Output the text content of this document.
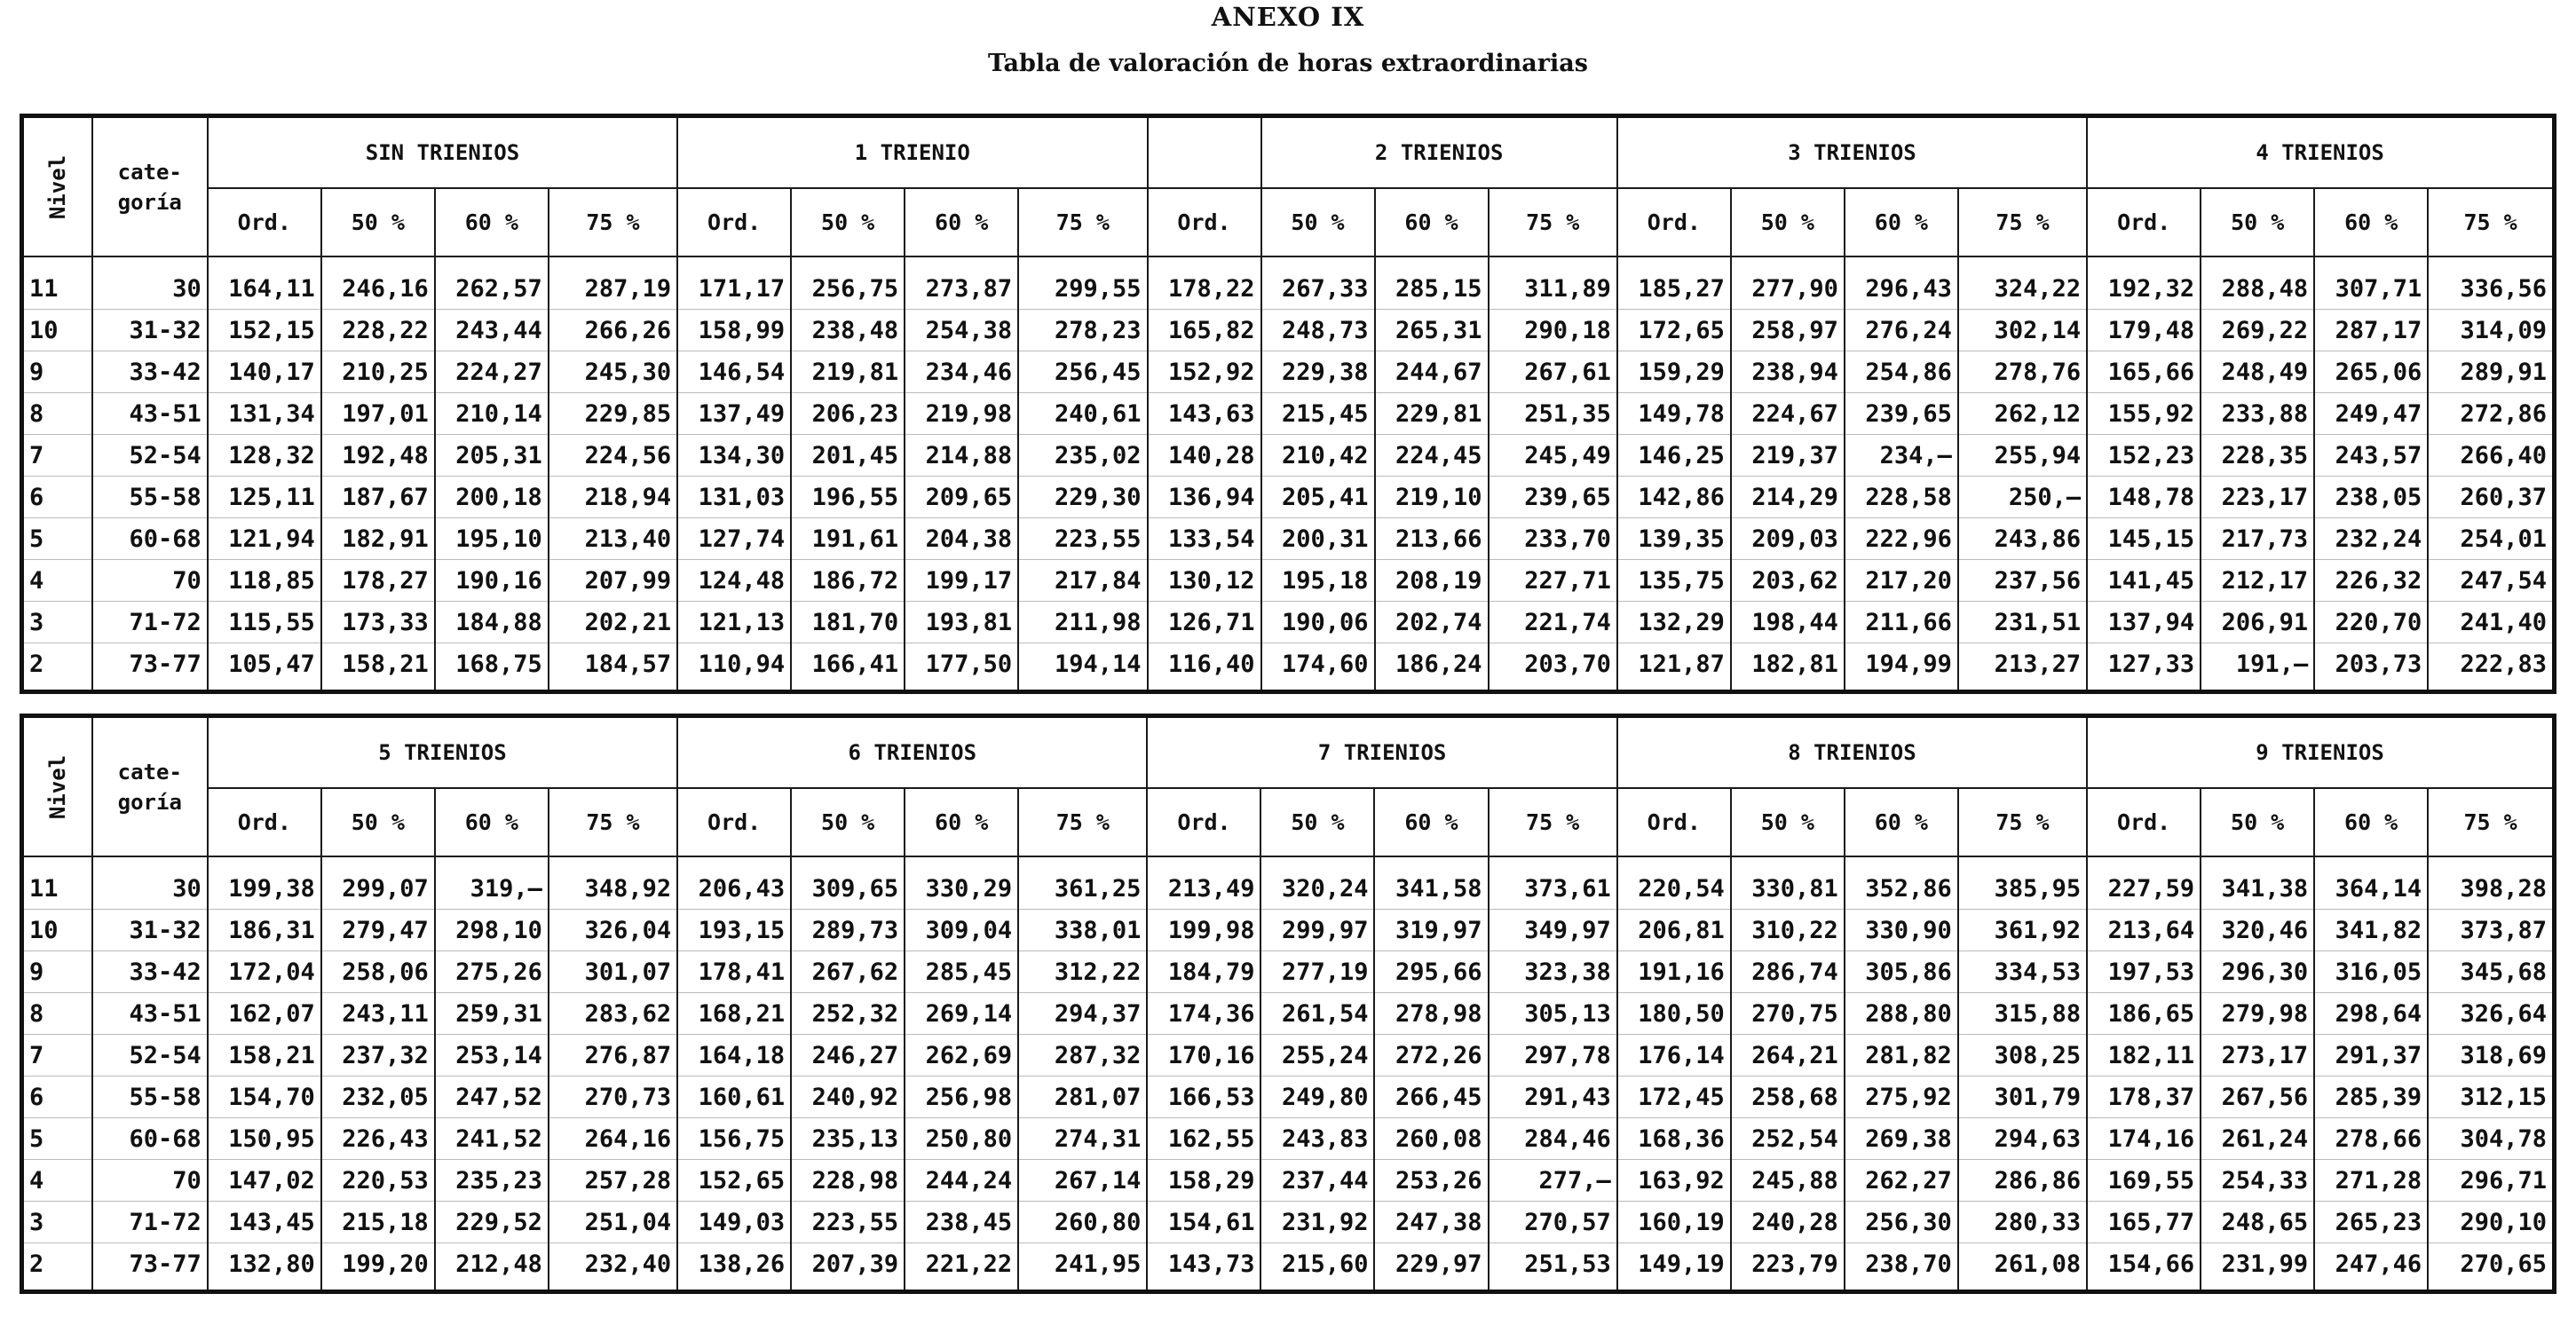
ANEXO IX
Tabla de valoración de horas extraordinarias
Nivel	cate- goría	SIN TRIENIOS				1 TRIENIO					2 TRIENIOS			3 TRIENIOS				4 TRIENIOS			
		Ord.	50 %	60 %	75 %	Ord.	50 %	60 %	75 %	Ord.	50 %	60 %	75 %	Ord.	50 %	60 %	75 %	Ord.	50 %	60 %	75 %
11	30	164,11	246,16	262,57	287,19	171,17	256,75	273,87	299,55	178,22	267,33	285,15	311,89	185,27	277,90	296,43	324,22	192,32	288,48	307,71	336,56
10	31-32	152,15	228,22	243,44	266,26	158,99	238,48	254,38	278,23	165,82	248,73	265,31	290,18	172,65	258,97	276,24	302,14	179,48	269,22	287,17	314,09
9	33-42	140,17	210,25	224,27	245,30	146,54	219,81	234,46	256,45	152,92	229,38	244,67	267,61	159,29	238,94	254,86	278,76	165,66	248,49	265,06	289,91
8	43-51	131,34	197,01	210,14	229,85	137,49	206,23	219,98	240,61	143,63	215,45	229,81	251,35	149,78	224,67	239,65	262,12	155,92	233,88	249,47	272,86
7	52-54	128,32	192,48	205,31	224,56	134,30	201,45	214,88	235,02	140,28	210,42	224,45	245,49	146,25	219,37	234,–	255,94	152,23	228,35	243,57	266,40
6	55-58	125,11	187,67	200,18	218,94	131,03	196,55	209,65	229,30	136,94	205,41	219,10	239,65	142,86	214,29	228,58	250,–	148,78	223,17	238,05	260,37
5	60-68	121,94	182,91	195,10	213,40	127,74	191,61	204,38	223,55	133,54	200,31	213,66	233,70	139,35	209,03	222,96	243,86	145,15	217,73	232,24	254,01
4	70	118,85	178,27	190,16	207,99	124,48	186,72	199,17	217,84	130,12	195,18	208,19	227,71	135,75	203,62	217,20	237,56	141,45	212,17	226,32	247,54
3	71-72	115,55	173,33	184,88	202,21	121,13	181,70	193,81	211,98	126,71	190,06	202,74	221,74	132,29	198,44	211,66	231,51	137,94	206,91	220,70	241,40
2	73-77	105,47	158,21	168,75	184,57	110,94	166,41	177,50	194,14	116,40	174,60	186,24	203,70	121,87	182,81	194,99	213,27	127,33	191,–	203,73	222,83
Nivel	cate- goría	5 TRIENIOS				6 TRIENIOS				7 TRIENIOS				8 TRIENIOS				9 TRIENIOS			
		Ord.	50 %	60 %	75 %	Ord.	50 %	60 %	75 %	Ord.	50 %	60 %	75 %	Ord.	50 %	60 %	75 %	Ord.	50 %	60 %	75 %
11	30	199,38	299,07	319,–	348,92	206,43	309,65	330,29	361,25	213,49	320,24	341,58	373,61	220,54	330,81	352,86	385,95	227,59	341,38	364,14	398,28
10	31-32	186,31	279,47	298,10	326,04	193,15	289,73	309,04	338,01	199,98	299,97	319,97	349,97	206,81	310,22	330,90	361,92	213,64	320,46	341,82	373,87
9	33-42	172,04	258,06	275,26	301,07	178,41	267,62	285,45	312,22	184,79	277,19	295,66	323,38	191,16	286,74	305,86	334,53	197,53	296,30	316,05	345,68
8	43-51	162,07	243,11	259,31	283,62	168,21	252,32	269,14	294,37	174,36	261,54	278,98	305,13	180,50	270,75	288,80	315,88	186,65	279,98	298,64	326,64
7	52-54	158,21	237,32	253,14	276,87	164,18	246,27	262,69	287,32	170,16	255,24	272,26	297,78	176,14	264,21	281,82	308,25	182,11	273,17	291,37	318,69
6	55-58	154,70	232,05	247,52	270,73	160,61	240,92	256,98	281,07	166,53	249,80	266,45	291,43	172,45	258,68	275,92	301,79	178,37	267,56	285,39	312,15
5	60-68	150,95	226,43	241,52	264,16	156,75	235,13	250,80	274,31	162,55	243,83	260,08	284,46	168,36	252,54	269,38	294,63	174,16	261,24	278,66	304,78
4	70	147,02	220,53	235,23	257,28	152,65	228,98	244,24	267,14	158,29	237,44	253,26	277,–	163,92	245,88	262,27	286,86	169,55	254,33	271,28	296,71
3	71-72	143,45	215,18	229,52	251,04	149,03	223,55	238,45	260,80	154,61	231,92	247,38	270,57	160,19	240,28	256,30	280,33	165,77	248,65	265,23	290,10
2	73-77	132,80	199,20	212,48	232,40	138,26	207,39	221,22	241,95	143,73	215,60	229,97	251,53	149,19	223,79	238,70	261,08	154,66	231,99	247,46	270,65
